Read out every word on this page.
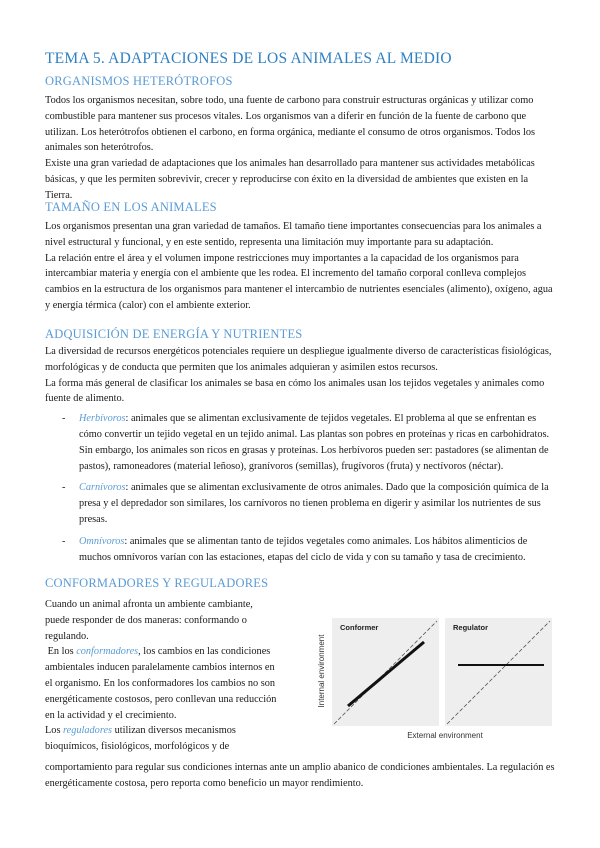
TEMA 5. ADAPTACIONES DE LOS ANIMALES AL MEDIO
ORGANISMOS HETERÓTROFOS

Todos los organismos necesitan, sobre todo, una fuente de carbono para construir estructuras orgánicas y utilizar como combustible para mantener sus procesos vitales. Los organismos van a diferir en función de la fuente de carbono que utilizan. Los heterótrofos obtienen el carbono, en forma orgánica, mediante el consumo de otros organismos. Todos los animales son heterótrofos.

Existe una gran variedad de adaptaciones que los animales han desarrollado para mantener sus actividades metabólicas básicas, y que les permiten sobrevivir, crecer y reproducirse con éxito en la diversidad de ambientes que existen en la Tierra.

TAMAÑO EN LOS ANIMALES

Los organismos presentan una gran variedad de tamaños. El tamaño tiene importantes consecuencias para los animales a nivel estructural y funcional, y en este sentido, representa una limitación muy importante para su adaptación.

La relación entre el área y el volumen impone restricciones muy importantes a la capacidad de los organismos para intercambiar materia y energía con el ambiente que les rodea. El incremento del tamaño corporal conlleva complejos cambios en la estructura de los organismos para mantener el intercambio de nutrientes esenciales (alimento), oxígeno, agua y energía térmica (calor) con el ambiente exterior.

ADQUISICIÓN DE ENERGÍA Y NUTRIENTES

La diversidad de recursos energéticos potenciales requiere un despliegue igualmente diverso de características fisiológicas, morfológicas y de conducta que permiten que los animales adquieran y asimilen estos recursos.

La forma más general de clasificar los animales se basa en cómo los animales usan los tejidos vegetales y animales como fuente de alimento.

- Herbívoros: animales que se alimentan exclusivamente de tejidos vegetales. El problema al que se enfrentan es cómo convertir un tejido vegetal en un tejido animal. Las plantas son pobres en proteínas y ricas en carbohidratos. Sin embargo, los animales son ricos en grasas y proteínas. Los herbívoros pueden ser: pastadores (se alimentan de pastos), ramoneadores (material leñoso), granívoros (semillas), frugívoros (fruta) y nectívoros (néctar).
- Carnívoros: animales que se alimentan exclusivamente de otros animales. Dado que la composición química de la presa y el depredador son similares, los carnívoros no tienen problema en digerir y asimilar los nutrientes de sus presas.
- Omnívoros: animales que se alimentan tanto de tejidos vegetales como animales. Los hábitos alimenticios de muchos omnívoros varían con las estaciones, etapas del ciclo de vida y con su tamaño y tasa de crecimiento.
CONFORMADORES Y REGULADORES

Cuando un animal afronta un ambiente cambiante, puede responder de dos maneras: conformando o regulando.

En los conformadores, los cambios en las condiciones ambientales inducen paralelamente cambios internos en el organismo. En los conformadores los cambios no son energéticamente costosos, pero conllevan una reducción en la actividad y el crecimiento.

Los reguladores utilizan diversos mecanismos bioquímicos, fisiológicos, morfológicos y de

comportamiento para regular sus condiciones internas ante un amplio abanico de condiciones ambientales. La regulación es energéticamente costosa, pero reporta como beneficio un mayor rendimiento.

Internal environment
Conformer	Regulator
External environment
